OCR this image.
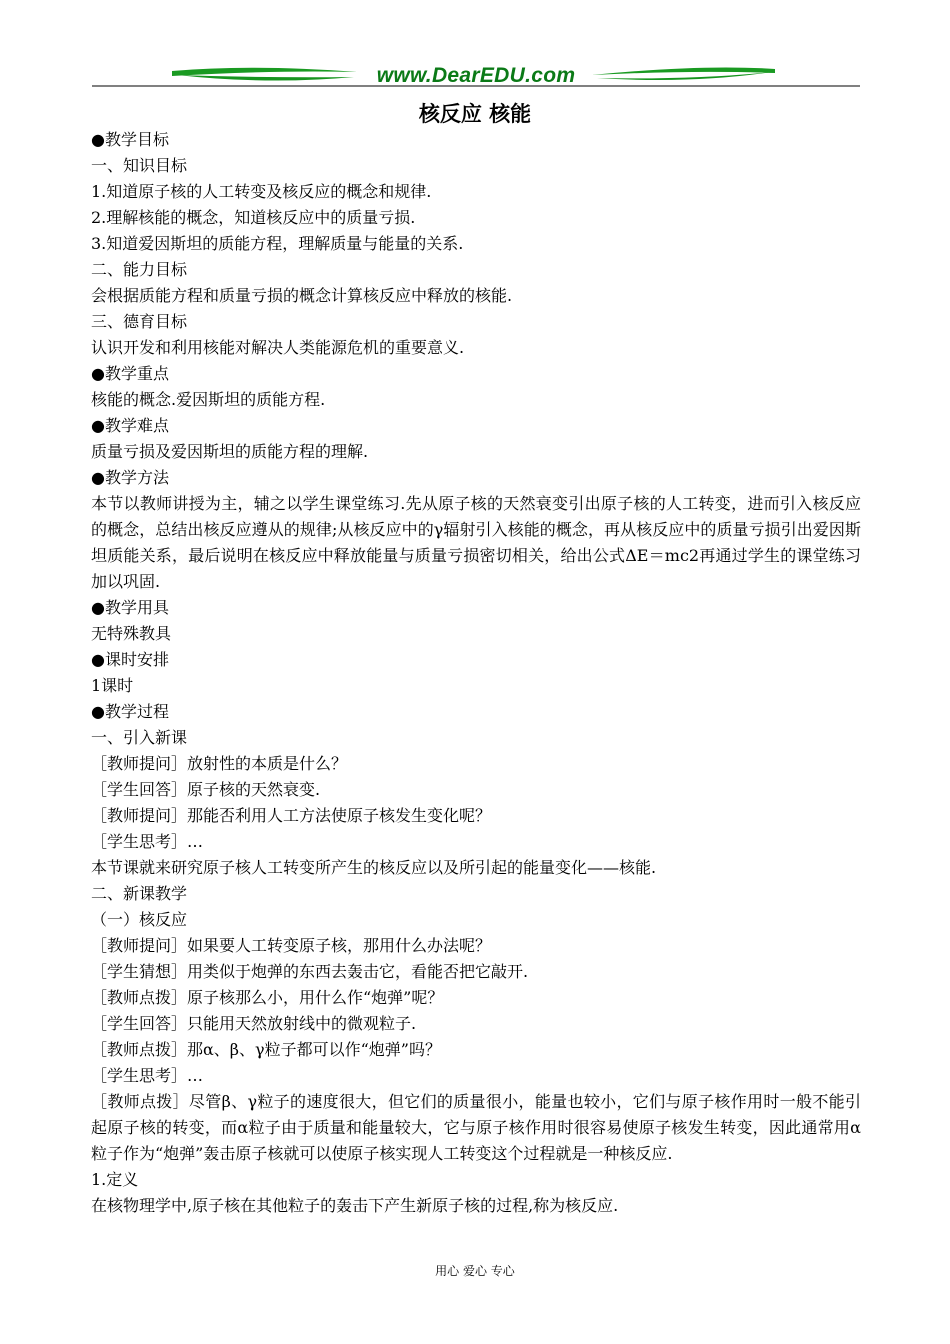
www.DearEDU.com
核反应 核能
●教学目标
一、知识目标
1.知道原子核的人工转变及核反应的概念和规律.
2.理解核能的概念，知道核反应中的质量亏损.
3.知道爱因斯坦的质能方程，理解质量与能量的关系.
二、能力目标
会根据质能方程和质量亏损的概念计算核反应中释放的核能.
三、德育目标
认识开发和利用核能对解决人类能源危机的重要意义.
●教学重点
核能的概念.爱因斯坦的质能方程.
●教学难点
质量亏损及爱因斯坦的质能方程的理解.
●教学方法
本节以教师讲授为主，辅之以学生课堂练习.先从原子核的天然衰变引出原子核的人工转变，进而引入核反应的概念，总结出核反应遵从的规律;从核反应中的γ辐射引入核能的概念，再从核反应中的质量亏损引出爱因斯坦质能关系，最后说明在核反应中释放能量与质量亏损密切相关，给出公式ΔE＝mc2再通过学生的课堂练习加以巩固.
●教学用具
无特殊教具
●课时安排
1课时
●教学过程
一、引入新课
［教师提问］放射性的本质是什么？
［学生回答］原子核的天然衰变.
［教师提问］那能否利用人工方法使原子核发生变化呢？
［学生思考］…
本节课就来研究原子核人工转变所产生的核反应以及所引起的能量变化——核能.
二、新课教学
（一）核反应
［教师提问］如果要人工转变原子核，那用什么办法呢？
［学生猜想］用类似于炮弹的东西去轰击它，看能否把它敲开.
［教师点拨］原子核那么小，用什么作“炮弹”呢？
［学生回答］只能用天然放射线中的微观粒子.
［教师点拨］那α、β、γ粒子都可以作“炮弹”吗？
［学生思考］…
［教师点拨］尽管β、γ粒子的速度很大，但它们的质量很小，能量也较小，它们与原子核作用时一般不能引起原子核的转变，而α粒子由于质量和能量较大，它与原子核作用时很容易使原子核发生转变，因此通常用α粒子作为“炮弹”轰击原子核就可以使原子核实现人工转变这个过程就是一种核反应.
1.定义
在核物理学中,原子核在其他粒子的轰击下产生新原子核的过程,称为核反应.
用心 爱心 专心
